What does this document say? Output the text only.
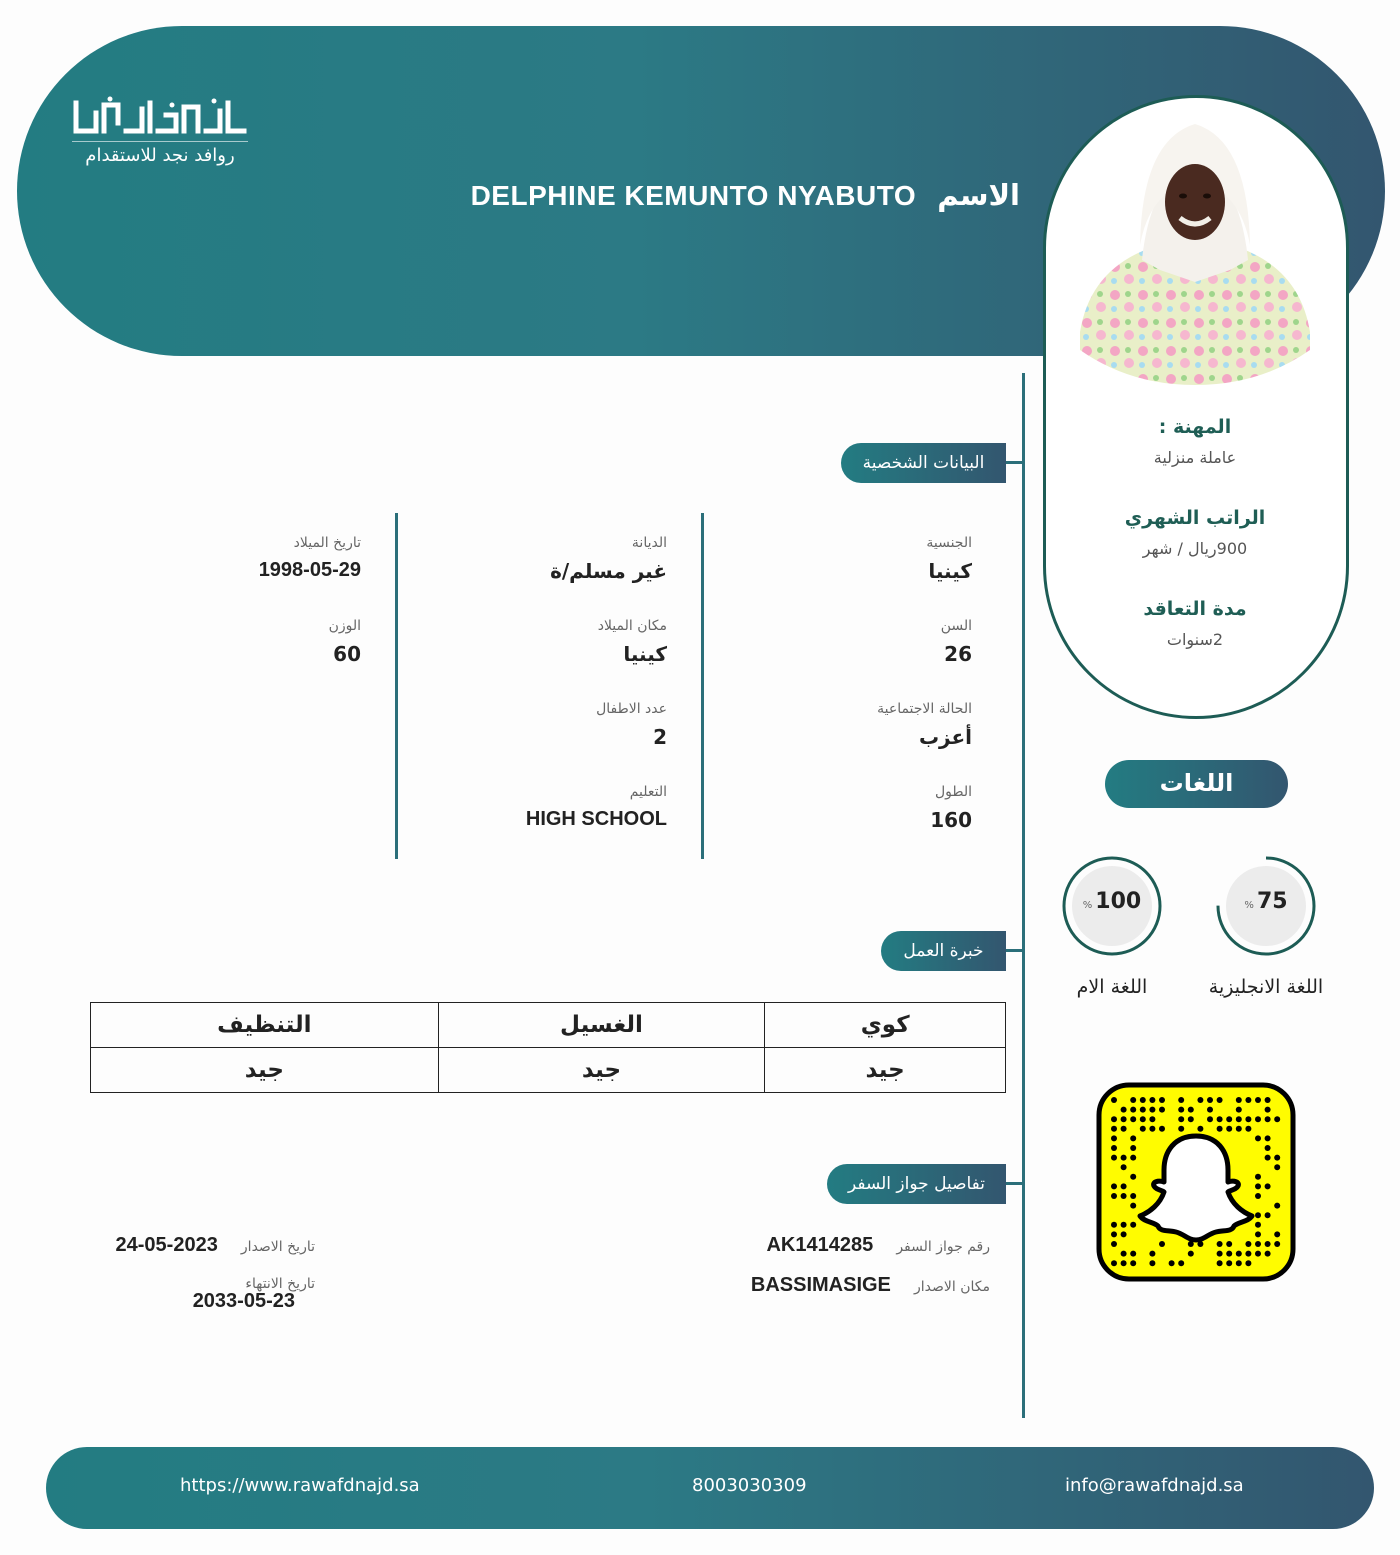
روافد نجد للاستقدام
الاسم DELPHINE KEMUNTO NYABUTO
المهنة :
عاملة منزلية
الراتب الشهري
900ريال / شهر
مدة التعاقد
2سنوات
البيانات الشخصية
الجنسية
كينيا
السن
26
الحالة الاجتماعية
أعزب
الطول
160
الديانة
غير مسلم/ة
مكان الميلاد
كينيا
عدد الاطفال
2
التعليم
HIGH SCHOOL
تاريخ الميلاد
1998-05-29
الوزن
60
خبرة العمل
كوي	الغسيل	التنظيف
جيد	جيد	جيد
تفاصيل جواز السفر
رقم جواز السفر AK1414285
مكان الاصدار BASSIMASIGE
تاريخ الاصدار 2023-05-24
تاريخ الانتهاء
2033-05-23
اللغات
% 75
اللغة الانجليزية
% 100
اللغة الام
https://www.rawafdnajd.sa	8003030309	info@rawafdnajd.sa
